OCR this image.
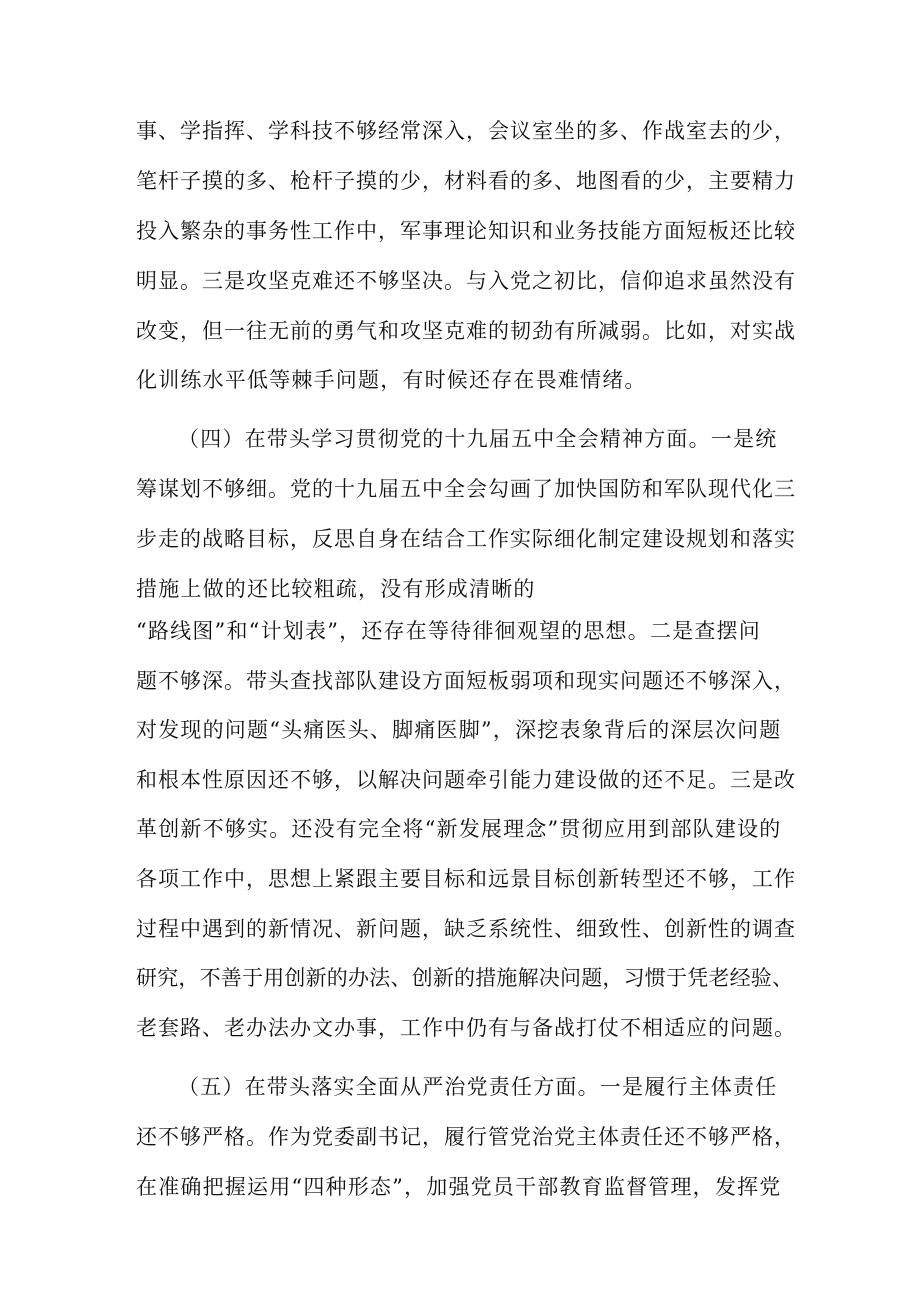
事、学指挥、学科技不够经常深入，会议室坐的多、作战室去的少，
笔杆子摸的多、枪杆子摸的少，材料看的多、地图看的少，主要精力
投入繁杂的事务性工作中，军事理论知识和业务技能方面短板还比较
明显。三是攻坚克难还不够坚决。与入党之初比，信仰追求虽然没有
改变，但一往无前的勇气和攻坚克难的韧劲有所减弱。比如，对实战
化训练水平低等棘手问题，有时候还存在畏难情绪。
（四）在带头学习贯彻党的十九届五中全会精神方面。一是统
筹谋划不够细。党的十九届五中全会勾画了加快国防和军队现代化三
步走的战略目标，反思自身在结合工作实际细化制定建设规划和落实
措施上做的还比较粗疏，没有形成清晰的
“路线图”和“计划表”，还存在等待徘徊观望的思想。二是查摆问
题不够深。带头查找部队建设方面短板弱项和现实问题还不够深入，
对发现的问题“头痛医头、脚痛医脚”，深挖表象背后的深层次问题
和根本性原因还不够，以解决问题牵引能力建设做的还不足。三是改
革创新不够实。还没有完全将“新发展理念”贯彻应用到部队建设的
各项工作中，思想上紧跟主要目标和远景目标创新转型还不够，工作
过程中遇到的新情况、新问题，缺乏系统性、细致性、创新性的调查
研究，不善于用创新的办法、创新的措施解决问题，习惯于凭老经验、
老套路、老办法办文办事，工作中仍有与备战打仗不相适应的问题。
（五）在带头落实全面从严治党责任方面。一是履行主体责任
还不够严格。作为党委副书记，履行管党治党主体责任还不够严格，
在准确把握运用“四种形态”，加强党员干部教育监督管理，发挥党
